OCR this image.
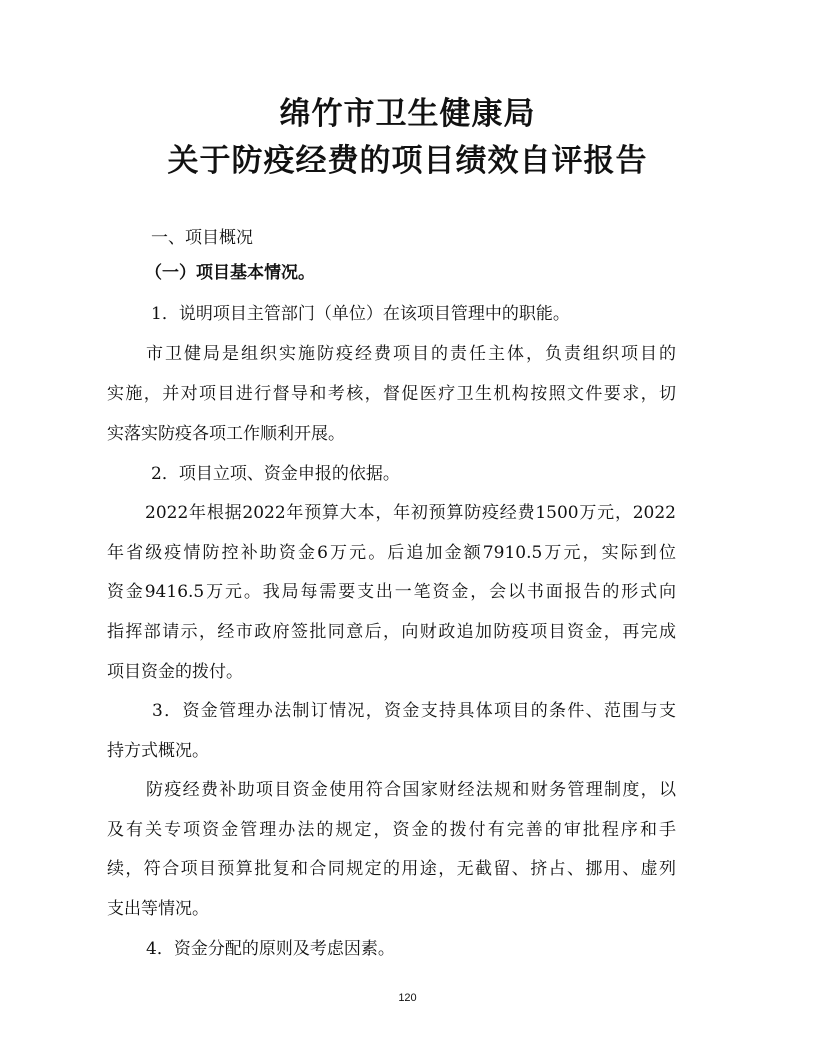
绵竹市卫生健康局
关于防疫经费的项目绩效自评报告

一、项目概况

（一）项目基本情况。

1．说明项目主管部门（单位）在该项目管理中的职能。

市卫健局是组织实施防疫经费项目的责任主体，负责组织项目的

实施，并对项目进行督导和考核，督促医疗卫生机构按照文件要求，切

实落实防疫各项工作顺利开展。

2．项目立项、资金申报的依据。

2022年根据2022年预算大本，年初预算防疫经费1500万元，2022

年省级疫情防控补助资金6万元。后追加金额7910.5万元，实际到位

资金9416.5万元。我局每需要支出一笔资金，会以书面报告的形式向

指挥部请示，经市政府签批同意后，向财政追加防疫项目资金，再完成

项目资金的拨付。

3．资金管理办法制订情况，资金支持具体项目的条件、范围与支

持方式概况。

防疫经费补助项目资金使用符合国家财经法规和财务管理制度，以

及有关专项资金管理办法的规定，资金的拨付有完善的审批程序和手

续，符合项目预算批复和合同规定的用途，无截留、挤占、挪用、虚列

支出等情况。

4．资金分配的原则及考虑因素。

120
